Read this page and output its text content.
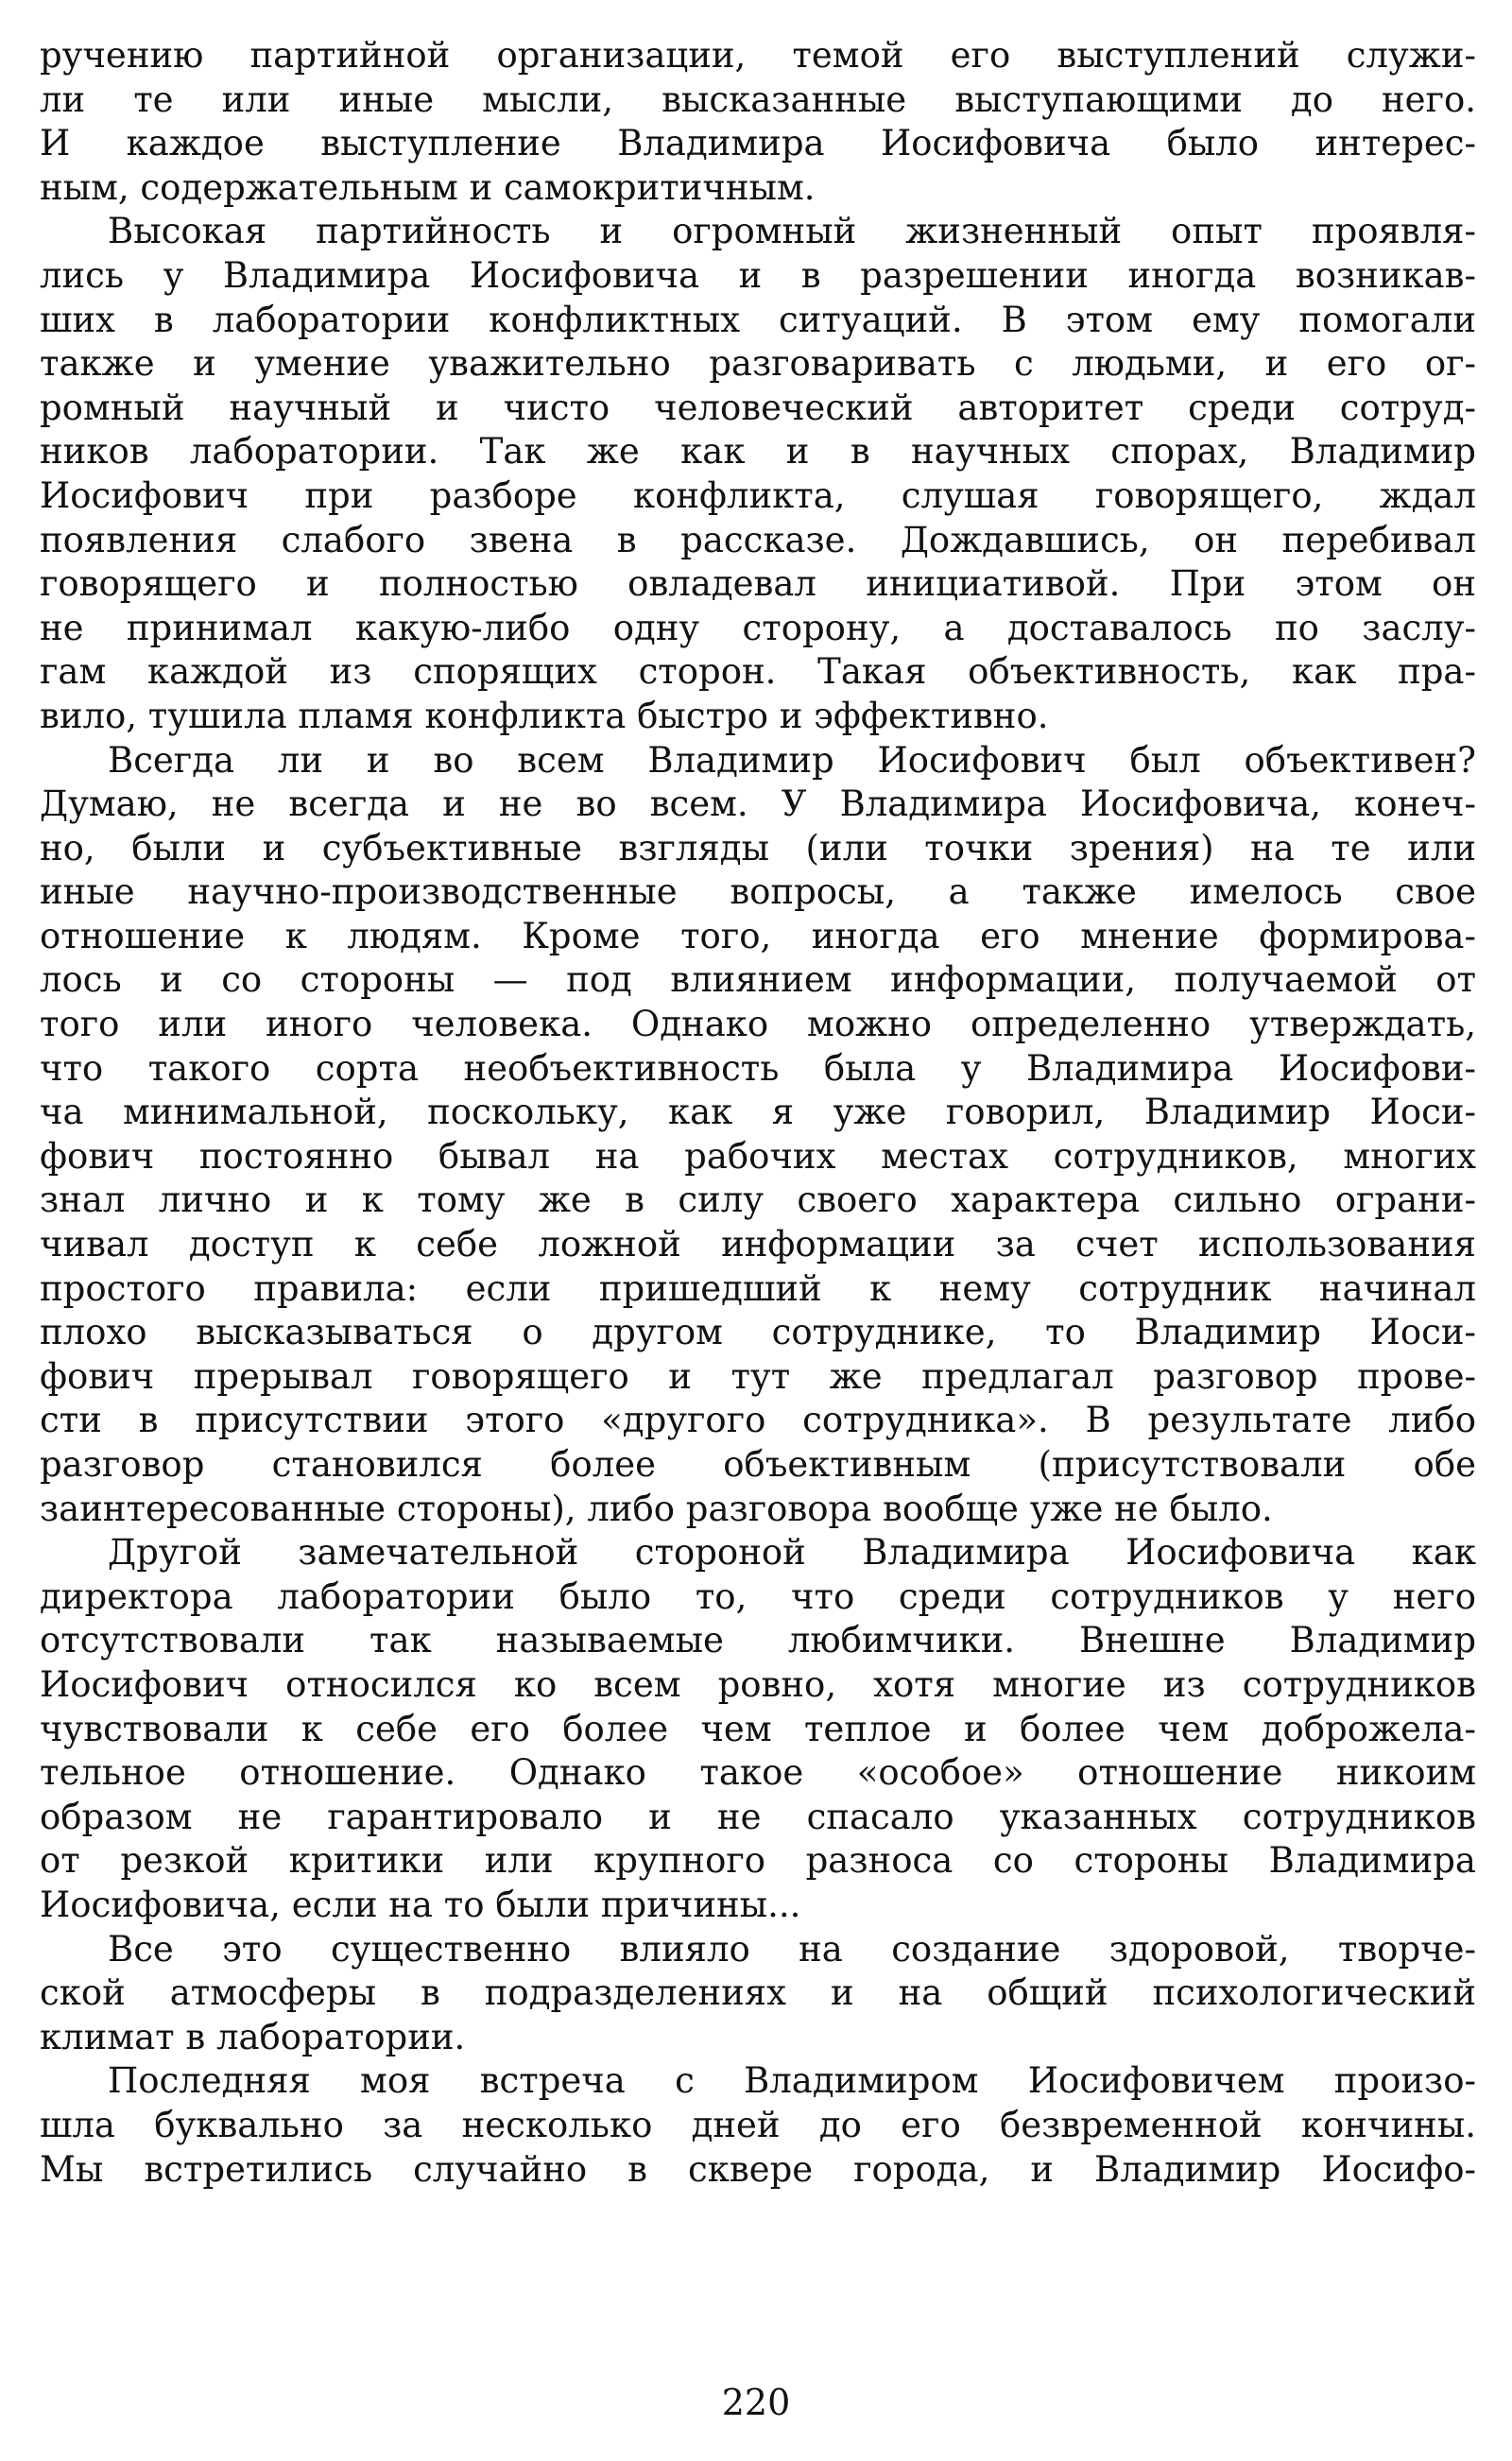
ручению партийной организации, темой его выступлений служи-
ли те или иные мысли, высказанные выступающими до него.
И каждое выступление Владимира Иосифовича было интерес-
ным, содержательным и самокритичным.

Высокая партийность и огромный жизненный опыт проявля-
лись у Владимира Иосифовича и в разрешении иногда возникав-
ших в лаборатории конфликтных ситуаций. В этом ему помогали
также и умение уважительно разговаривать с людьми, и его ог-
ромный научный и чисто человеческий авторитет среди сотруд-
ников лаборатории. Так же как и в научных спорах, Владимир
Иосифович при разборе конфликта, слушая говорящего, ждал
появления слабого звена в рассказе. Дождавшись, он перебивал
говорящего и полностью овладевал инициативой. При этом он
не принимал какую-либо одну сторону, а доставалось по заслу-
гам каждой из спорящих сторон. Такая объективность, как пра-
вило, тушила пламя конфликта быстро и эффективно.

Всегда ли и во всем Владимир Иосифович был объективен?
Думаю, не всегда и не во всем. У Владимира Иосифовича, конеч-
но, были и субъективные взгляды (или точки зрения) на те или
иные научно-производственные вопросы, а также имелось свое
отношение к людям. Кроме того, иногда его мнение формирова-
лось и со стороны — под влиянием информации, получаемой от
того или иного человека. Однако можно определенно утверждать,
что такого сорта необъективность была у Владимира Иосифови-
ча минимальной, поскольку, как я уже говорил, Владимир Иоси-
фович постоянно бывал на рабочих местах сотрудников, многих
знал лично и к тому же в силу своего характера сильно ограни-
чивал доступ к себе ложной информации за счет использования
простого правила: если пришедший к нему сотрудник начинал
плохо высказываться о другом сотруднике, то Владимир Иоси-
фович прерывал говорящего и тут же предлагал разговор прове-
сти в присутствии этого «другого сотрудника». В результате либо
разговор становился более объективным (присутствовали обе
заинтересованные стороны), либо разговора вообще уже не было.

Другой замечательной стороной Владимира Иосифовича как
директора лаборатории было то, что среди сотрудников у него
отсутствовали так называемые любимчики. Внешне Владимир
Иосифович относился ко всем ровно, хотя многие из сотрудников
чувствовали к себе его более чем теплое и более чем доброжела-
тельное отношение. Однако такое «особое» отношение никоим
образом не гарантировало и не спасало указанных сотрудников
от резкой критики или крупного разноса со стороны Владимира
Иосифовича, если на то были причины...

Все это существенно влияло на создание здоровой, творче-
ской атмосферы в подразделениях и на общий психологический
климат в лаборатории.

Последняя моя встреча с Владимиром Иосифовичем произо-
шла буквально за несколько дней до его безвременной кончины.
Мы встретились случайно в сквере города, и Владимир Иосифо-

220
